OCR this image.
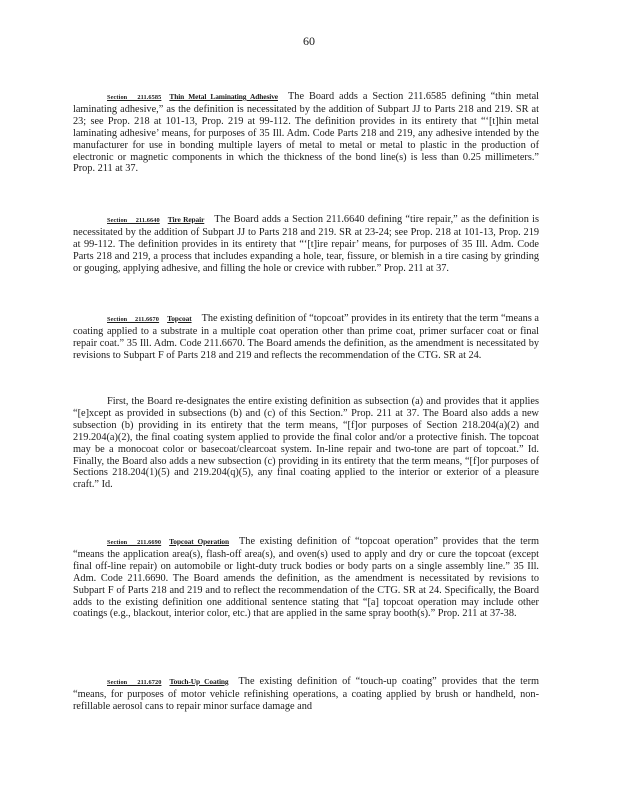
60

Section 211.6585 Thin Metal Laminating Adhesive The Board adds a Section 211.6585 defining “thin metal laminating adhesive,” as the definition is necessitated by the addition of Subpart JJ to Parts 218 and 219. SR at 23; see Prop. 218 at 101-13, Prop. 219 at 99-112. The definition provides in its entirety that “‘[t]hin metal laminating adhesive’ means, for purposes of 35 Ill. Adm. Code Parts 218 and 219, any adhesive intended by the manufacturer for use in bonding multiple layers of metal to metal or metal to plastic in the production of electronic or magnetic components in which the thickness of the bond line(s) is less than 0.25 millimeters.” Prop. 211 at 37.

Section 211.6640 Tire Repair The Board adds a Section 211.6640 defining “tire repair,” as the definition is necessitated by the addition of Subpart JJ to Parts 218 and 219. SR at 23-24; see Prop. 218 at 101-13, Prop. 219 at 99-112. The definition provides in its entirety that “‘[t]ire repair’ means, for purposes of 35 Ill. Adm. Code Parts 218 and 219, a process that includes expanding a hole, tear, fissure, or blemish in a tire casing by grinding or gouging, applying adhesive, and filling the hole or crevice with rubber.” Prop. 211 at 37.

Section 211.6670 Topcoat The existing definition of “topcoat” provides in its entirety that the term “means a coating applied to a substrate in a multiple coat operation other than prime coat, primer surfacer coat or final repair coat.” 35 Ill. Adm. Code 211.6670. The Board amends the definition, as the amendment is necessitated by revisions to Subpart F of Parts 218 and 219 and reflects the recommendation of the CTG. SR at 24.

First, the Board re-designates the entire existing definition as subsection (a) and provides that it applies “[e]xcept as provided in subsections (b) and (c) of this Section.” Prop. 211 at 37. The Board also adds a new subsection (b) providing in its entirety that the term means, “[f]or purposes of Section 218.204(a)(2) and 219.204(a)(2), the final coating system applied to provide the final color and/or a protective finish. The topcoat may be a monocoat color or basecoat/clearcoat system. In-line repair and two-tone are part of topcoat.” Id. Finally, the Board also adds a new subsection (c) providing in its entirety that the term means, “[f]or purposes of Sections 218.204(1)(5) and 219.204(q)(5), any final coating applied to the interior or exterior of a pleasure craft.” Id.

Section 211.6690 Topcoat Operation The existing definition of “topcoat operation” provides that the term “means the application area(s), flash-off area(s), and oven(s) used to apply and dry or cure the topcoat (except final off-line repair) on automobile or light-duty truck bodies or body parts on a single assembly line.” 35 Ill. Adm. Code 211.6690. The Board amends the definition, as the amendment is necessitated by revisions to Subpart F of Parts 218 and 219 and to reflect the recommendation of the CTG. SR at 24. Specifically, the Board adds to the existing definition one additional sentence stating that “[a] topcoat operation may include other coatings (e.g., blackout, interior color, etc.) that are applied in the same spray booth(s).” Prop. 211 at 37-38.

Section 211.6720 Touch-Up Coating The existing definition of “touch-up coating” provides that the term “means, for purposes of motor vehicle refinishing operations, a coating applied by brush or handheld, non-refillable aerosol cans to repair minor surface damage and
